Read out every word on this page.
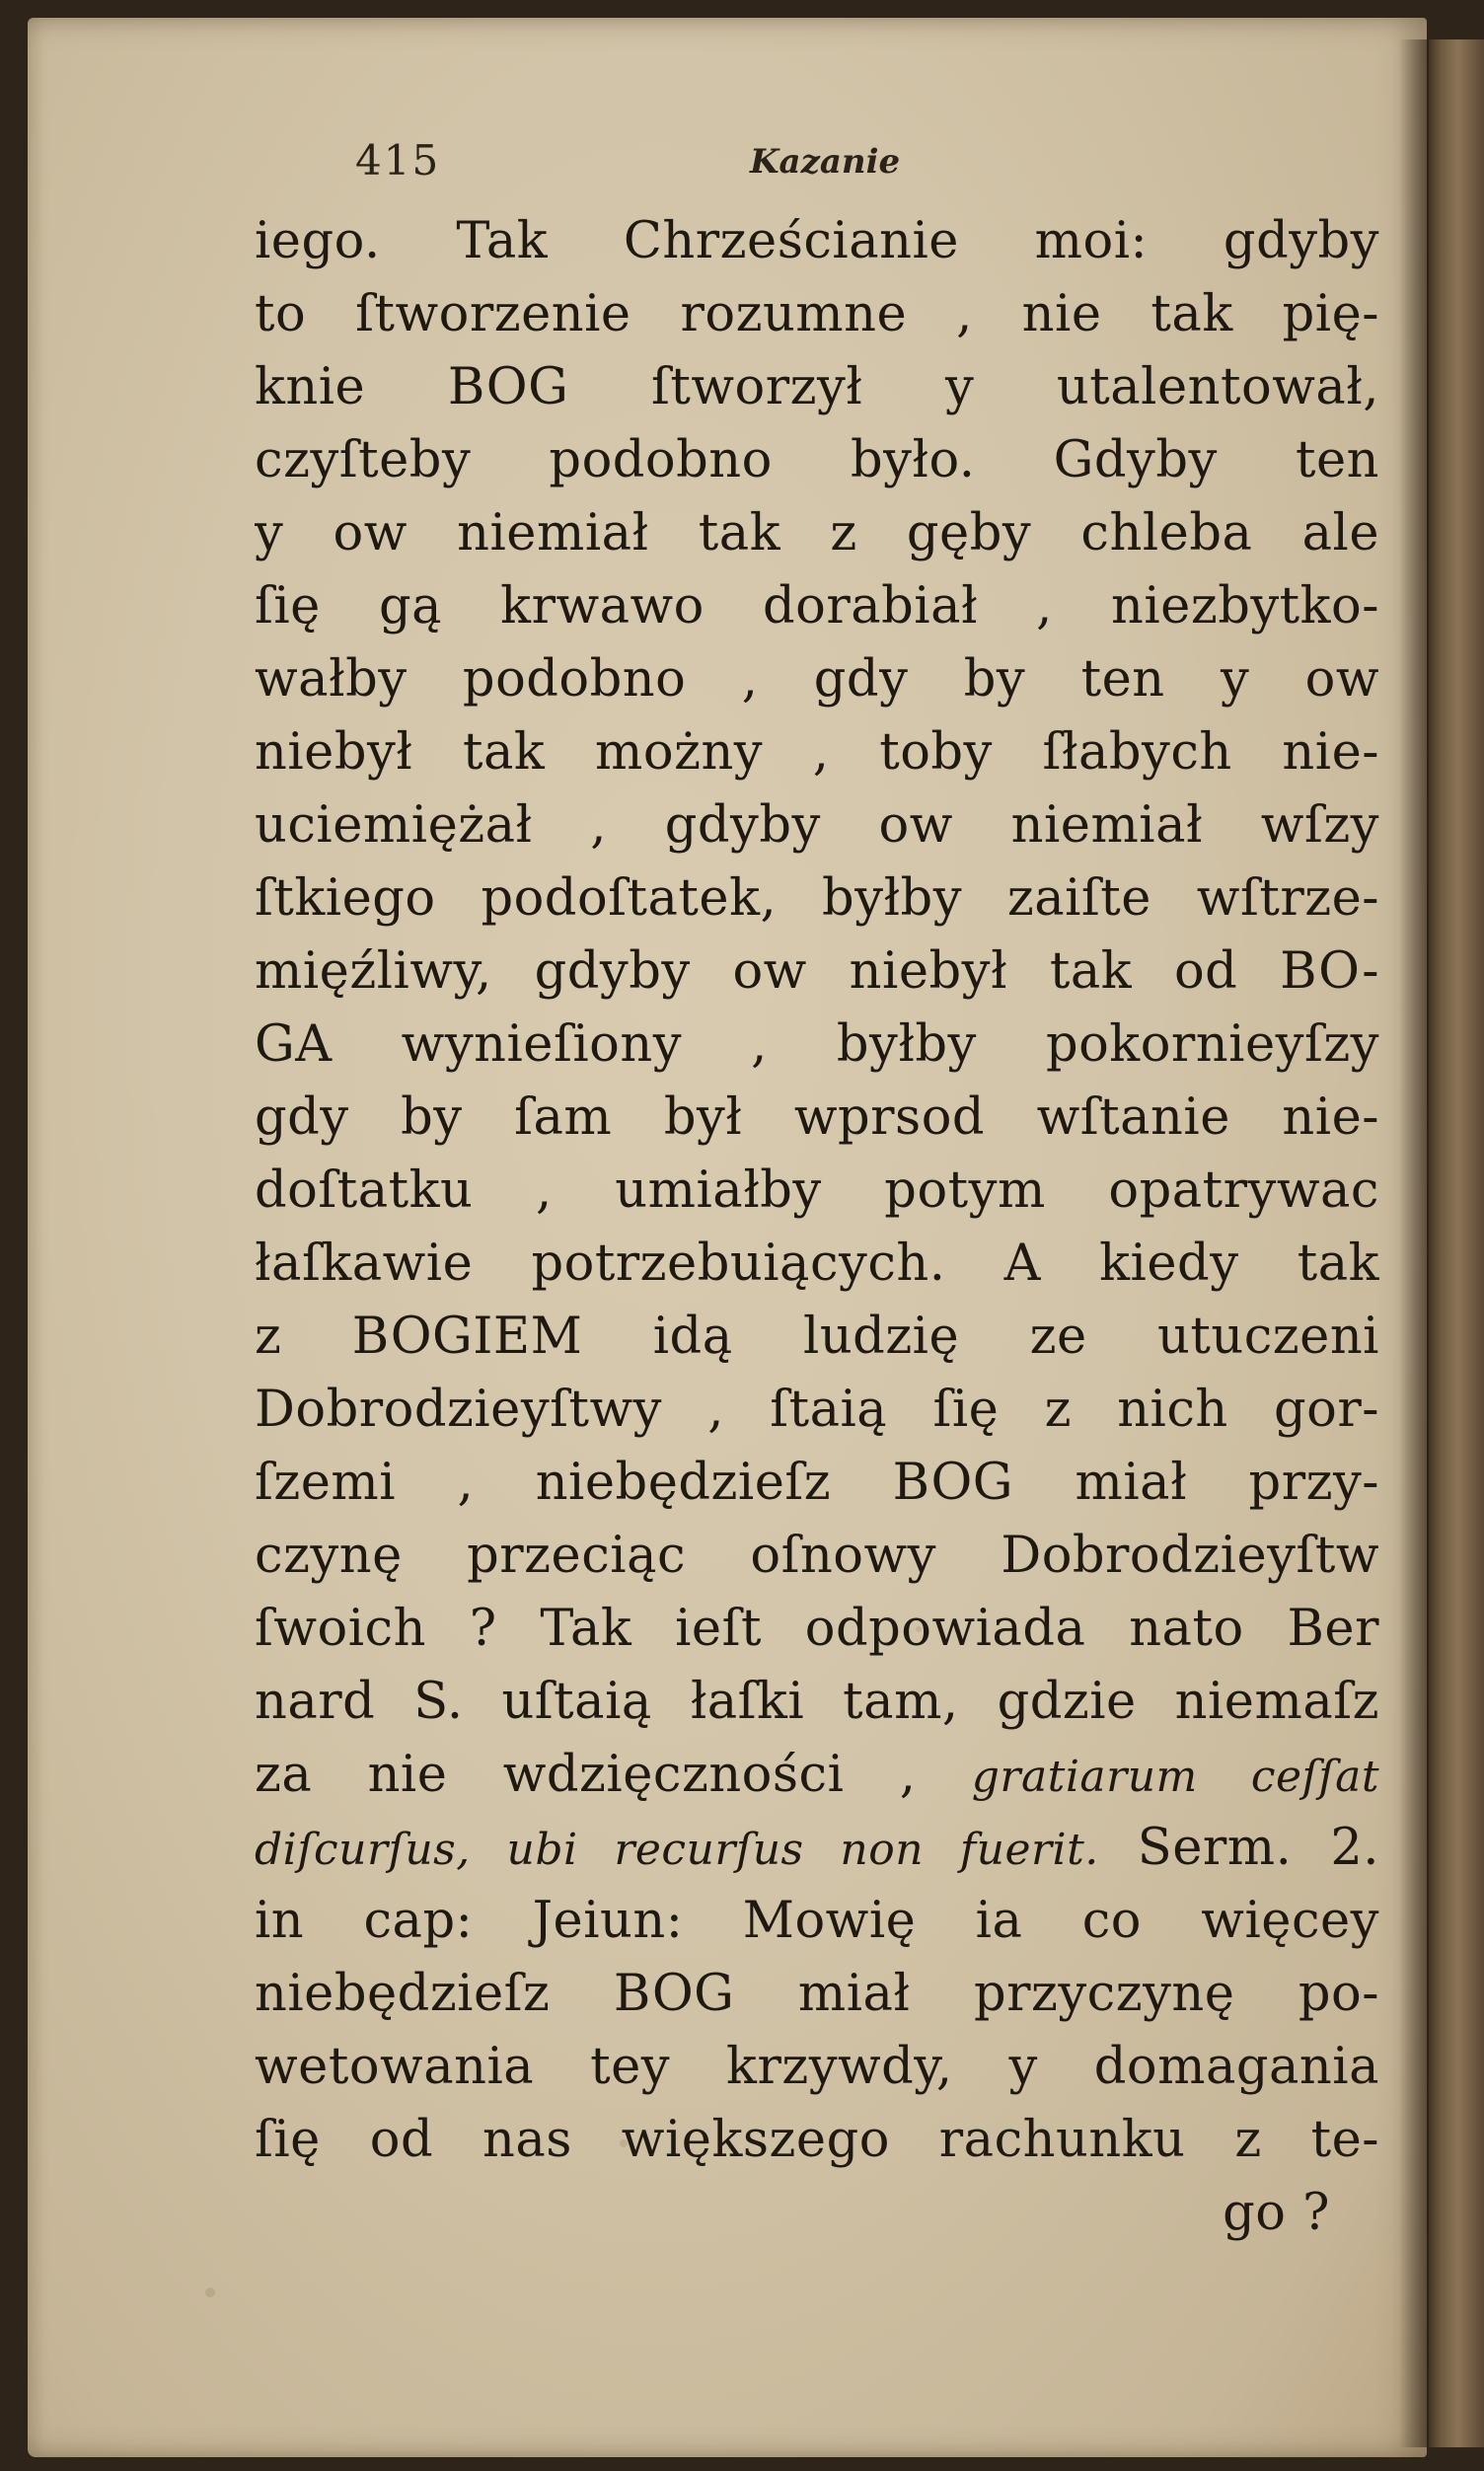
415	Kazanie
iego. Tak Chrześcianie moi: gdyby
to ſtworzenie rozumne , nie tak pię-
knie BOG ſtworzył y utalentował,
czyſteby podobno było. Gdyby ten
y ow niemiał tak z gęby chleba ale
ſię gą krwawo dorabiał , niezbytko-
wałby podobno , gdy by ten y ow
niebył tak możny , toby ſłabych nie-
uciemiężał , gdyby ow niemiał wſzy
ſtkiego podoſtatek, byłby zaiſte wſtrze-
mięźliwy, gdyby ow niebył tak od BO-
GA wynieſiony , byłby pokornieyſzy
gdy by ſam był wprsod wſtanie nie-
doſtatku , umiałby potym opatrywac
łaſkawie potrzebuiących. A kiedy tak
z BOGIEM idą ludzię ze utuczeni
Dobrodzieyſtwy , ſtaią ſię z nich gor-
ſzemi , niebędzieſz BOG miał przy-
czynę przeciąc oſnowy Dobrodzieyſtw
ſwoich ? Tak ieſt odpowiada nato Ber
nard S. uſtaią łaſki tam, gdzie niemaſz
za nie wdzięczności , gratiarum ceſſat
diſcurſus, ubi recurſus non fuerit. Serm. 2.
in cap: Jeiun: Mowię ia co więcey
niebędzieſz BOG miał przyczynę po-
wetowania tey krzywdy, y domagania
ſię od nas większego rachunku z te-
go ?
